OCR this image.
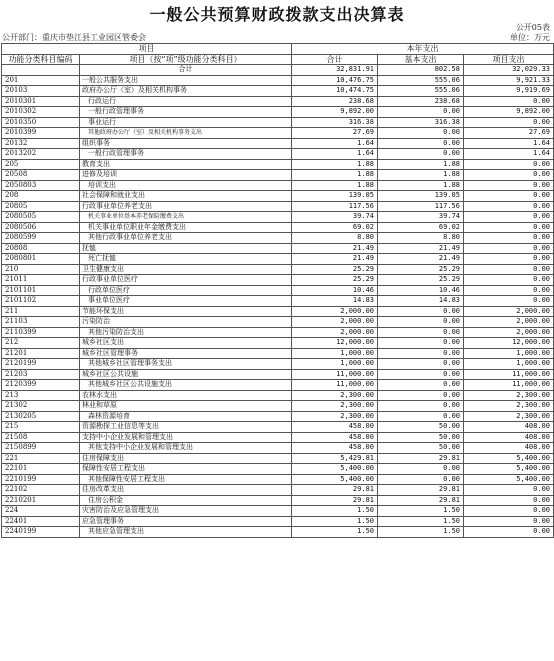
一般公共预算财政拨款支出决算表
公开05表
公开部门：重庆市垫江县工业园区管委会	单位：万元
项目		本年支出		
功能分类科目编码	项目（按“项”级功能分类科目）	合计	基本支出	项目支出
	合计	32,831.91	802.58	32,029.33
201	一般公共服务支出	10,476.75	555.06	9,921.33
20103	政府办公厅（室）及相关机构事务	10,474.75	555.06	9,919.69
2010301	行政运行	238.68	238.68	0.00
2010302	一般行政管理事务	9,892.00	0.00	9,892.00
2010350	事业运行	316.38	316.38	0.00
2010399	其他政府办公厅（室）及相关机构事务支出	27.69	0.00	27.69
20132	组织事务	1.64	0.00	1.64
2013202	一般行政管理事务	1.64	0.00	1.64
205	教育支出	1.88	1.88	0.00
20508	进修及培训	1.88	1.88	0.00
2050803	培训支出	1.88	1.88	0.00
208	社会保障和就业支出	139.05	139.05	0.00
20805	行政事业单位养老支出	117.56	117.56	0.00
2080505	机关事业单位基本养老保险缴费支出	39.74	39.74	0.00
2080506	机关事业单位职业年金缴费支出	69.02	69.02	0.00
2080599	其他行政事业单位养老支出	8.80	8.80	0.00
20808	抚恤	21.49	21.49	0.00
2080801	死亡抚恤	21.49	21.49	0.00
210	卫生健康支出	25.29	25.29	0.00
21011	行政事业单位医疗	25.29	25.29	0.00
2101101	行政单位医疗	10.46	10.46	0.00
2101102	事业单位医疗	14.83	14.83	0.00
211	节能环保支出	2,000.00	0.00	2,000.00
21103	污染防治	2,000.00	0.00	2,000.00
2110399	其他污染防治支出	2,000.00	0.00	2,000.00
212	城乡社区支出	12,000.00	0.00	12,000.00
21201	城乡社区管理事务	1,000.00	0.00	1,000.00
2120199	其他城乡社区管理事务支出	1,000.00	0.00	1,000.00
21203	城乡社区公共设施	11,000.00	0.00	11,000.00
2120399	其他城乡社区公共设施支出	11,000.00	0.00	11,000.00
213	农林水支出	2,300.00	0.00	2,300.00
21302	林业和草原	2,300.00	0.00	2,300.00
2130205	森林资源培育	2,300.00	0.00	2,300.00
215	资源勘探工业信息等支出	458.00	50.00	408.00
21508	支持中小企业发展和管理支出	458.00	50.00	408.00
2150899	其他支持中小企业发展和管理支出	458.00	50.00	408.00
221	住房保障支出	5,429.81	29.81	5,400.00
22101	保障性安居工程支出	5,400.00	0.00	5,400.00
2210199	其他保障性安居工程支出	5,400.00	0.00	5,400.00
22102	住房改革支出	29.81	29.81	0.00
2210201	住房公积金	29.81	29.81	0.00
224	灾害防治及应急管理支出	1.50	1.50	0.00
22401	应急管理事务	1.50	1.50	0.00
2240199	其他应急管理支出	1.50	1.50	0.00
